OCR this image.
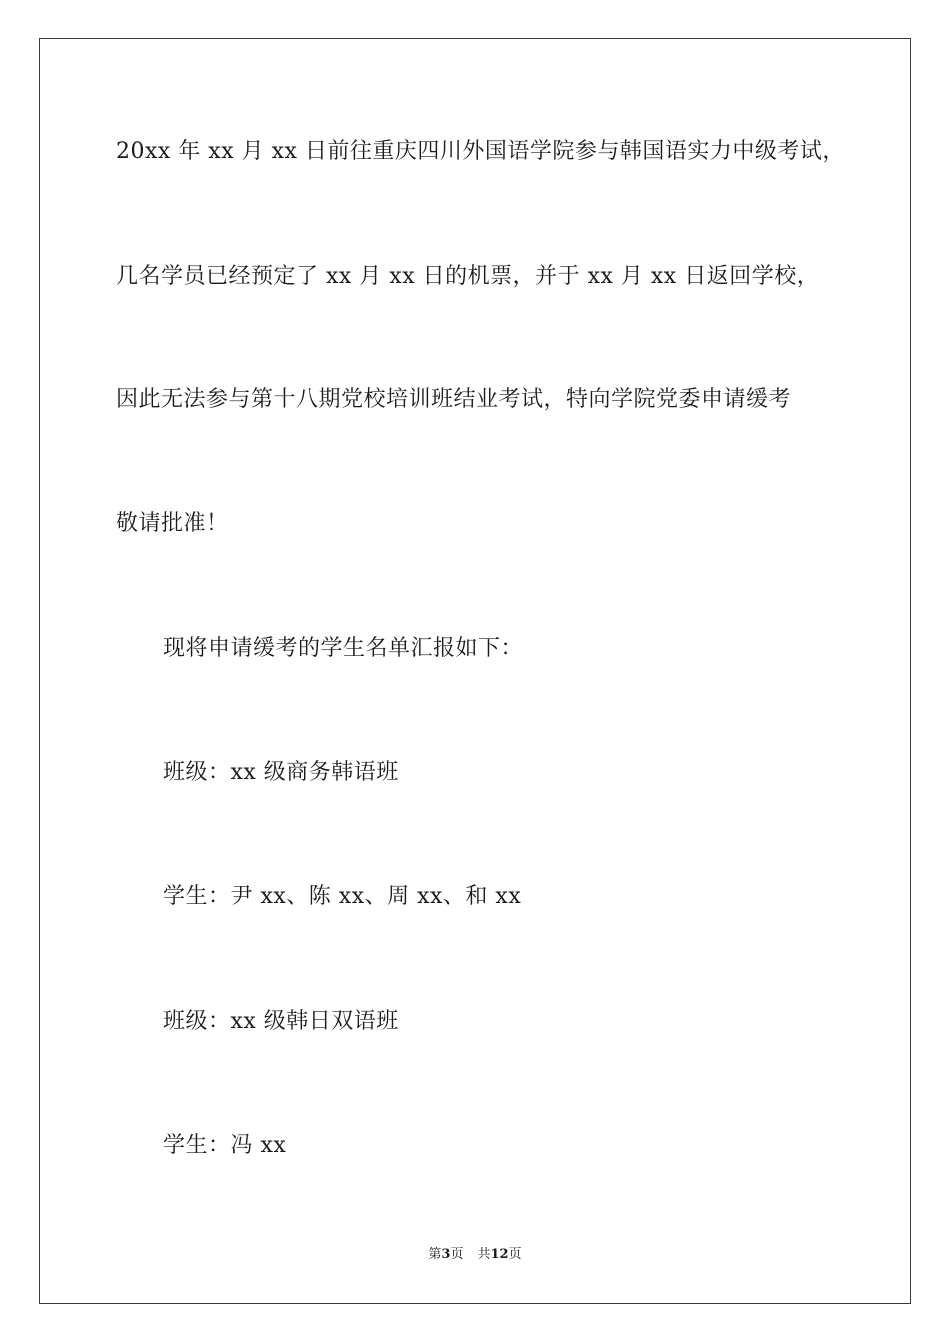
20xx 年 xx 月 xx 日前往重庆四川外国语学院参与韩国语实力中级考试，
几名学员已经预定了 xx 月 xx 日的机票，并于 xx 月 xx 日返回学校，
因此无法参与第十八期党校培训班结业考试，特向学院党委申请缓考
敬请批准！
现将申请缓考的学生名单汇报如下：
班级：xx 级商务韩语班
学生：尹 xx、陈 xx、周 xx、和 xx
班级：xx 级韩日双语班
学生：冯 xx
第3页 共12页
